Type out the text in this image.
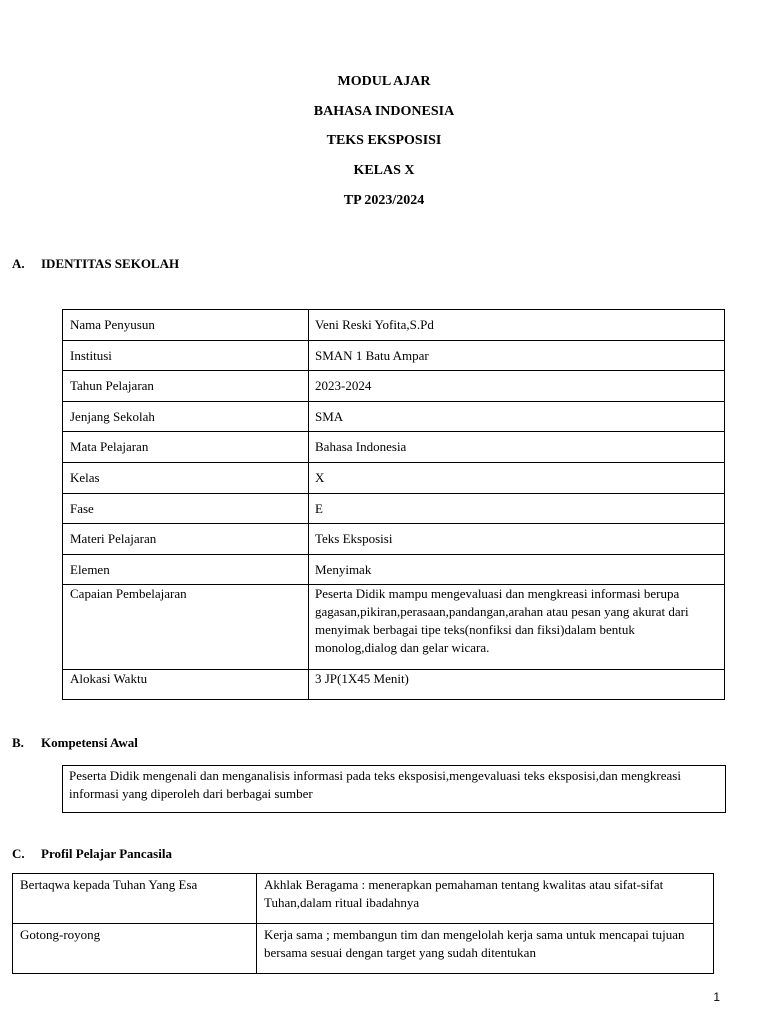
MODUL AJAR
BAHASA INDONESIA
TEKS EKSPOSISI
KELAS X
TP 2023/2024
A. IDENTITAS SEKOLAH
Nama Penyusun	Veni Reski Yofita,S.Pd
Institusi	SMAN 1 Batu Ampar
Tahun Pelajaran	2023-2024
Jenjang Sekolah	SMA
Mata Pelajaran	Bahasa Indonesia
Kelas	X
Fase	E
Materi Pelajaran	Teks Eksposisi
Elemen	Menyimak
Capaian Pembelajaran	Peserta Didik mampu mengevaluasi dan mengkreasi informasi berupa gagasan,pikiran,perasaan,pandangan,arahan atau pesan yang akurat dari menyimak berbagai tipe teks(nonfiksi dan fiksi)dalam bentuk monolog,dialog dan gelar wicara.
Alokasi Waktu	3 JP(1X45 Menit)
B. Kompetensi Awal
Peserta Didik mengenali dan menganalisis informasi pada teks eksposisi,mengevaluasi teks eksposisi,dan mengkreasi informasi yang diperoleh dari berbagai sumber
C. Profil Pelajar Pancasila
Bertaqwa kepada Tuhan Yang Esa	Akhlak Beragama : menerapkan pemahaman tentang kwalitas atau sifat-sifat Tuhan,dalam ritual ibadahnya
Gotong-royong	Kerja sama ; membangun tim dan mengelolah kerja sama untuk mencapai tujuan bersama sesuai dengan target yang sudah ditentukan
1
